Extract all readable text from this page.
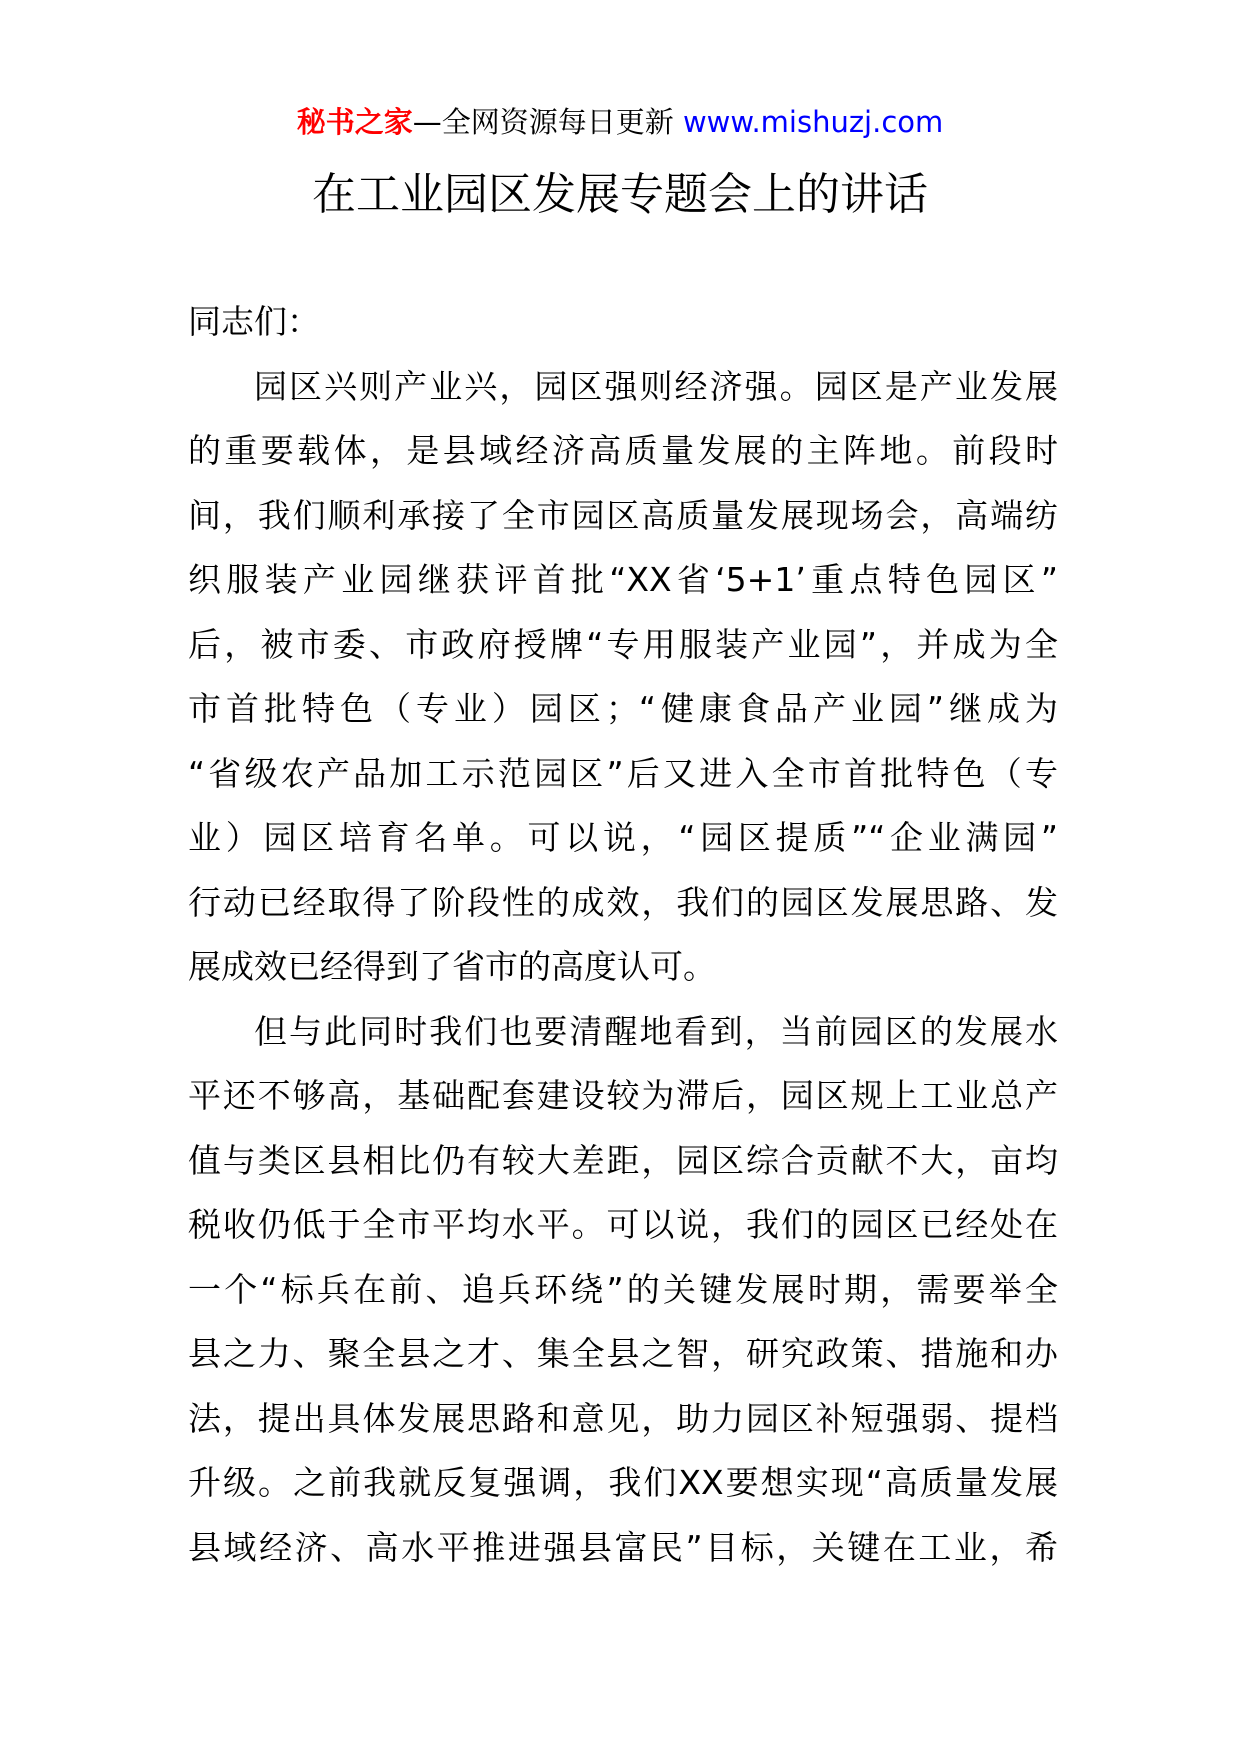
秘书之家—全网资源每日更新 www.mishuzj.com
在工业园区发展专题会上的讲话
同志们：
园区兴则产业兴，园区强则经济强。园区是产业发展
的重要载体，是县域经济高质量发展的主阵地。前段时
间，我们顺利承接了全市园区高质量发展现场会，高端纺
织服装产业园继获评首批“XX省‘5+1’重点特色园区”
后，被市委、市政府授牌“专用服装产业园”，并成为全
市首批特色（专业）园区；“健康食品产业园”继成为
“省级农产品加工示范园区”后又进入全市首批特色（专
业）园区培育名单。可以说，“园区提质”“企业满园”
行动已经取得了阶段性的成效，我们的园区发展思路、发
展成效已经得到了省市的高度认可。
但与此同时我们也要清醒地看到，当前园区的发展水
平还不够高，基础配套建设较为滞后，园区规上工业总产
值与类区县相比仍有较大差距，园区综合贡献不大，亩均
税收仍低于全市平均水平。可以说，我们的园区已经处在
一个“标兵在前、追兵环绕”的关键发展时期，需要举全
县之力、聚全县之才、集全县之智，研究政策、措施和办
法，提出具体发展思路和意见，助力园区补短强弱、提档
升级。之前我就反复强调，我们XX要想实现“高质量发展
县域经济、高水平推进强县富民”目标，关键在工业，希
